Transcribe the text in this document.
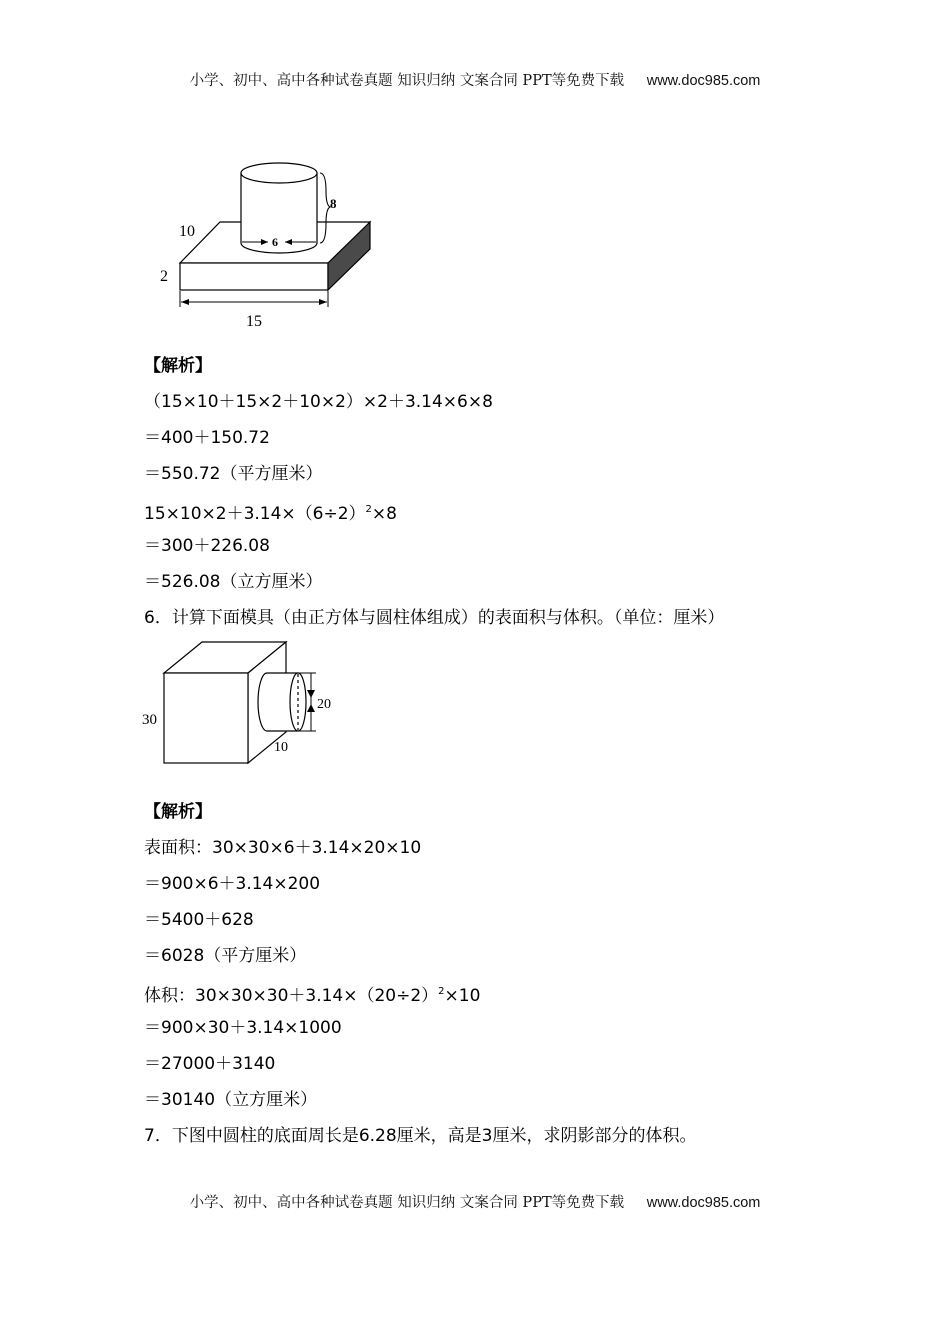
小学、初中、高中各种试卷真题 知识归纳 文案合同 PPT等免费下载 www.doc985.com
6
8
10
2
15
【解析】
（15×10＋15×2＋10×2）×2＋3.14×6×8
＝400＋150.72
＝550.72（平方厘米）
$15\times 10\times 2+3.14\times(6\div 2)^2\times 8$
＝300＋226.08
＝526.08（立方厘米）
6．计算下面模具（由正方体与圆柱体组成）的表面积与体积。（单位：厘米）
【解析】
表面积：30×30×6＋3.14×20×10
＝900×6＋3.14×200
＝5400＋628
＝6028（平方厘米）
体积：$30\times 30\times 30+3.14\times(20\div 2)^2\times 10$
＝900×30＋3.14×1000
＝27000＋3140
＝30140（立方厘米）
7．下图中圆柱的底面周长是6.28厘米，高是3厘米，求阴影部分的体积。
20
30
10
小学、初中、高中各种试卷真题 知识归纳 文案合同 PPT等免费下载 www.doc985.com
